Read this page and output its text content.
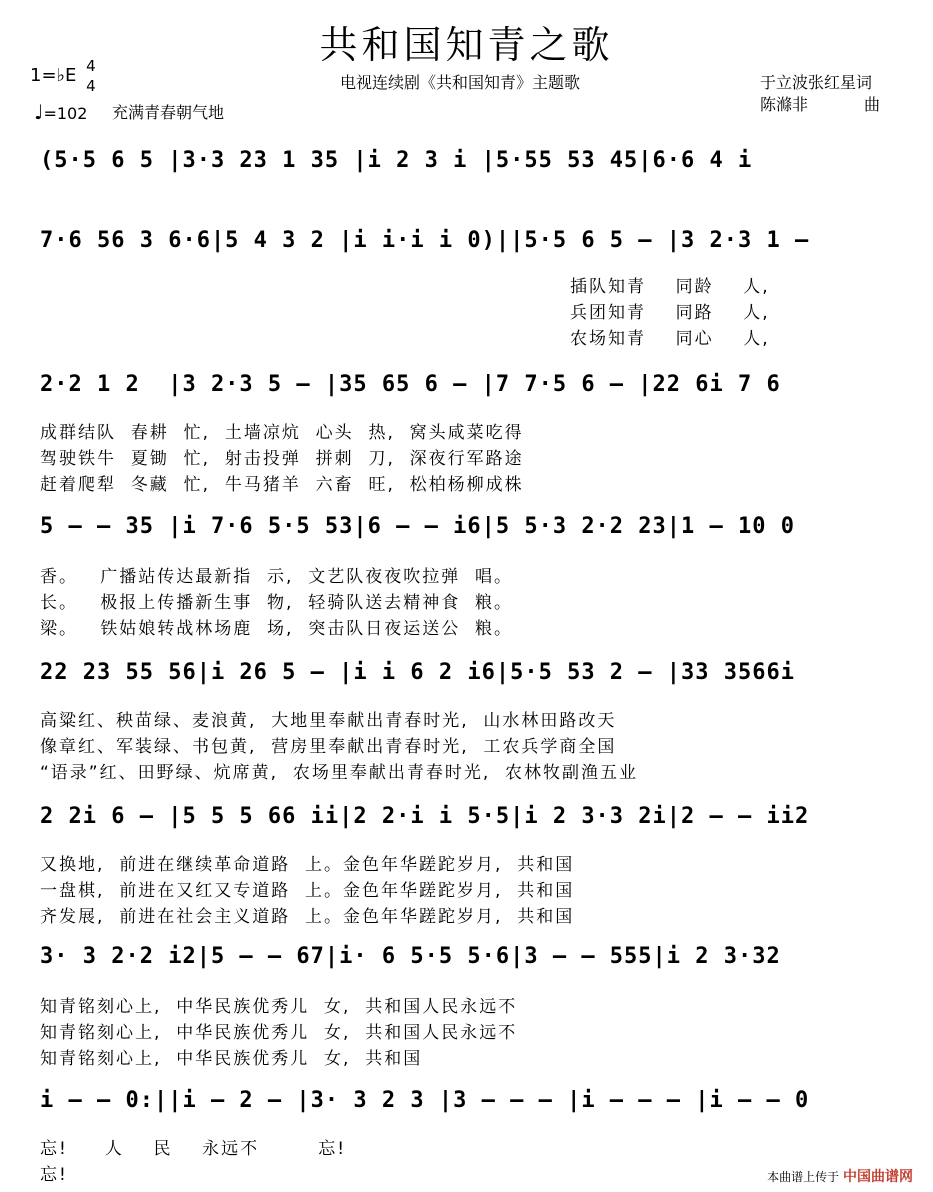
共和国知青之歌
1=♭E 4
4
♩=102 充满青春朝气地
电视连续剧《共和国知青》主题歌	于立波张红星词
陈滌非	曲
(5·5 6 5 |3·3 23 1 35 |i 2 3 i |5·55 53 45|6·6 4 i
7·6 56 3 6·6|5 4 3 2 |i i·i i 0)||5·5 6 5 – |3 2·3 1 –
插队知青    同龄    人,
兵团知青    同路    人,
农场知青    同心    人,
2·2 1 2  |3 2·3 5 – |35 65 6 – |7 7·5 6 – |22 6i 7 6
成群结队  春耕  忙,  土墙凉炕  心头  热,  窝头咸菜吃得
驾驶铁牛  夏锄  忙,  射击投弹  拼刺  刀,  深夜行军路途
赶着爬犁  冬藏  忙,  牛马猪羊  六畜  旺,  松柏杨柳成株
5 – – 35 |i 7·6 5·5 53|6 – – i6|5 5·3 2·2 23|1 – 10 0
香。   广播站传达最新指  示,  文艺队夜夜吹拉弹  唱。
长。   极报上传播新生事  物,  轻骑队送去精神食  粮。
梁。   铁姑娘转战林场鹿  场,  突击队日夜运送公  粮。
22 23 55 56|i 26 5 – |i i 6 2 i6|5·5 53 2 – |33 3566i
高粱红、秧苗绿、麦浪黄,  大地里奉献出青春时光,  山水林田路改天
像章红、军装绿、书包黄,  营房里奉献出青春时光,  工农兵学商全国
“语录”红、田野绿、炕席黄,  农场里奉献出青春时光,  农林牧副渔五业
2 2i 6 – |5 5 5 66 ii|2 2·i i 5·5|i 2 3·3 2i|2 – – ii2
又换地,  前进在继续革命道路  上。金色年华蹉跎岁月,  共和国
一盘棋,  前进在又红又专道路  上。金色年华蹉跎岁月,  共和国
齐发展,  前进在社会主义道路  上。金色年华蹉跎岁月,  共和国
3· 3 2·2 i2|5 – – 67|i· 6 5·5 5·6|3 – – 555|i 2 3·32
知青铭刻心上,  中华民族优秀儿  女,  共和国人民永远不
知青铭刻心上,  中华民族优秀儿  女,  共和国人民永远不
知青铭刻心上,  中华民族优秀儿  女,  共和国
i – – 0:||i – 2 – |3· 3 2 3 |3 – – – |i – – – |i – – 0
忘!     人    民    永远不        忘!
忘!	本曲谱上传于 中国曲谱网
